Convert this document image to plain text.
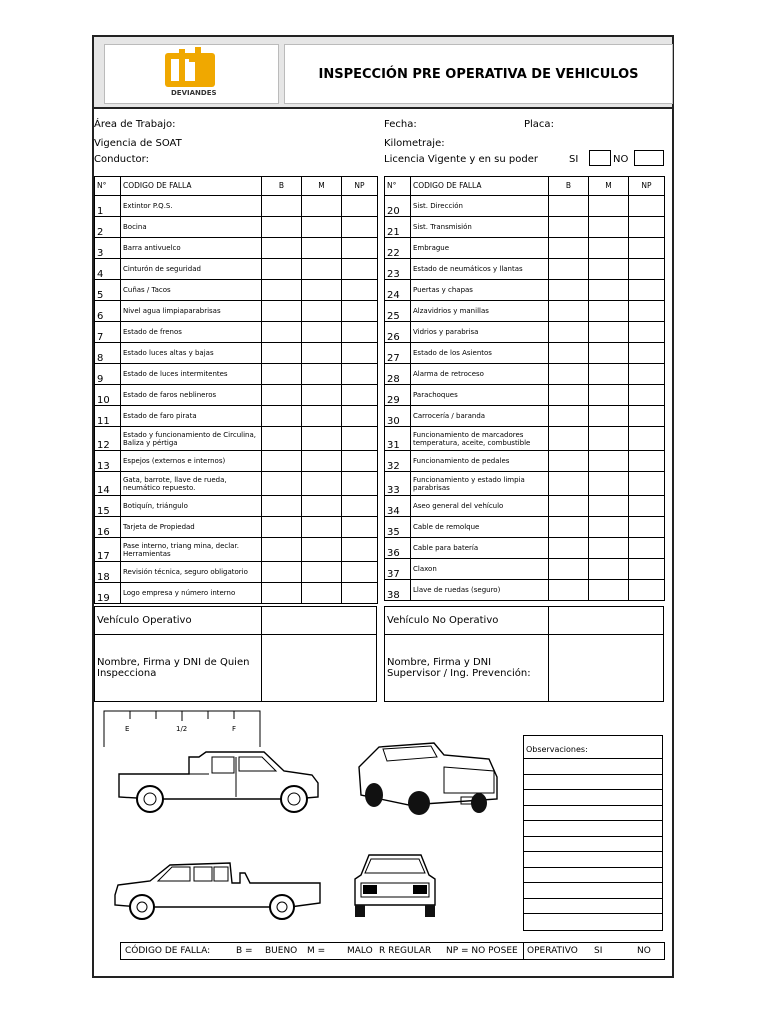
DEVIANDES
INSPECCIÓN PRE OPERATIVA DE VEHICULOS
Área de Trabajo:	Fecha:	Placa:
Vigencia de SOAT	Kilometraje:
Conductor:	Licencia Vigente y en su poder	SI	NO
N°	CODIGO DE FALLA	B	M	NP
1	Extintor P.Q.S.			
2	Bocina			
3	Barra antivuelco			
4	Cinturón de seguridad			
5	Cuñas / Tacos			
6	Nivel agua limpiaparabrisas			
7	Estado de frenos			
8	Estado luces altas y bajas			
9	Estado de luces intermitentes			
10	Estado de faros neblineros			
11	Estado de faro pirata			
12	Estado y funcionamiento de Circulina, Baliza y pértiga			
13	Espejos (externos e internos)			
14	Gata, barrote, llave de rueda, neumático repuesto.			
15	Botiquín, triángulo			
16	Tarjeta de Propiedad			
17	Pase interno, triang mina, declar. Herramientas			
18	Revisión técnica, seguro obligatorio			
19	Logo empresa y número interno			
N°	CODIGO DE FALLA	B	M	NP
20	Sist. Dirección			
21	Sist. Transmisión			
22	Embrague			
23	Estado de neumáticos y llantas			
24	Puertas y chapas			
25	Alzavidrios y manillas			
26	Vidrios y parabrisa			
27	Estado de los Asientos			
28	Alarma de retroceso			
29	Parachoques			
30	Carrocería / baranda			
31	Funcionamiento de marcadores temperatura, aceite, combustible			
32	Funcionamiento de pedales			
33	Funcionamiento y estado limpia parabrisas			
34	Aseo general del vehículo			
35	Cable de remolque			
36	Cable para batería			
37	Claxon			
38	Llave de ruedas (seguro)			
Vehículo Operativo
Nombre, Firma y DNI de Quien Inspecciona
Vehículo No Operativo
Nombre, Firma y DNI Supervisor / Ing. Prevención:
E	1/2	F
Observaciones:
CÓDIGO DE FALLA:	B = BUENO M = MALO R REGULAR NP = NO POSEE OPERATIVO SI	NO
